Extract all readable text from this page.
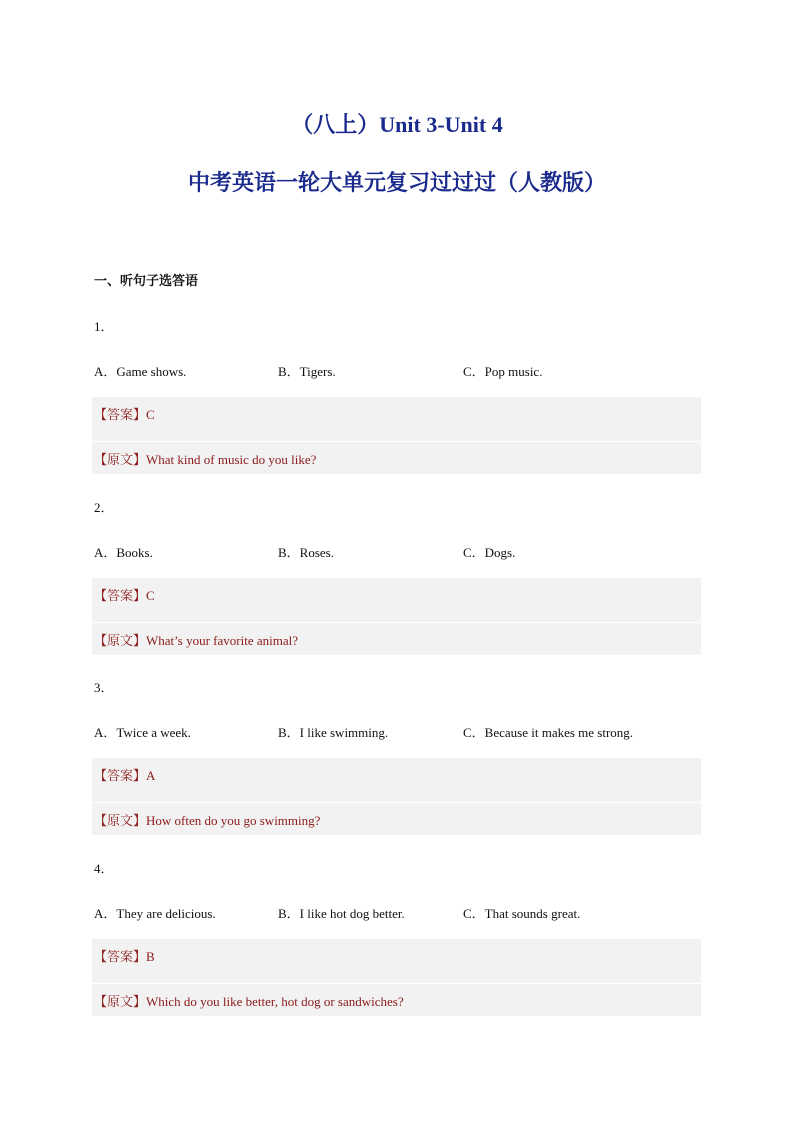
（八上）Unit 3-Unit 4
中考英语一轮大单元复习过过过（人教版）
一、听句子选答语
1．
A．Game shows.	B．Tigers.	C．Pop music.
【答案】C
【原文】What kind of music do you like?
2．
A．Books.	B．Roses.	C．Dogs.
【答案】C
【原文】What’s your favorite animal?
3．
A．Twice a week.	B．I like swimming.	C．Because it makes me strong.
【答案】A
【原文】How often do you go swimming?
4．
A．They are delicious.	B．I like hot dog better.	C．That sounds great.
【答案】B
【原文】Which do you like better, hot dog or sandwiches?
